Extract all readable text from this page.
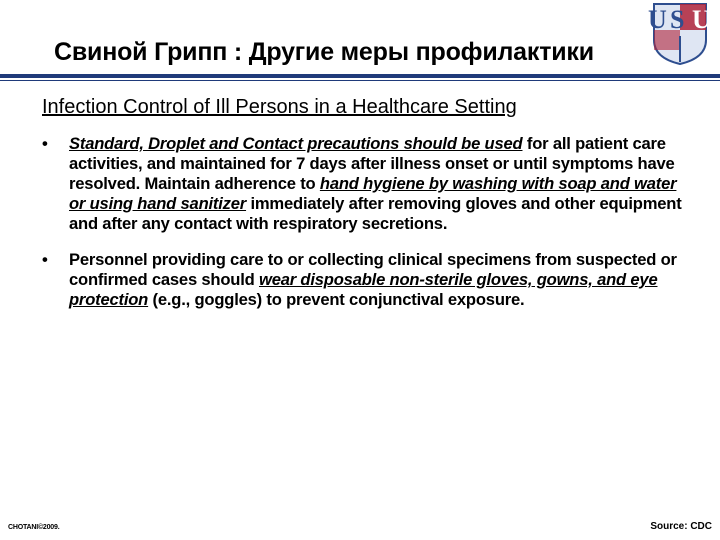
U S U
Свиной Грипп : Другие меры профилактики
Infection Control of Ill Persons in a Healthcare Setting
• Standard, Droplet and Contact precautions should be used for all patient care activities, and maintained for 7 days after illness onset or until symptoms have resolved. Maintain adherence to hand hygiene by washing with soap and water or using hand sanitizer immediately after removing gloves and other equipment and after any contact with respiratory secretions.
• Personnel providing care to or collecting clinical specimens from suspected or confirmed cases should wear disposable non-sterile gloves, gowns, and eye protection (e.g., goggles) to prevent conjunctival exposure.
CHOTANI©2009.	Source: CDC
